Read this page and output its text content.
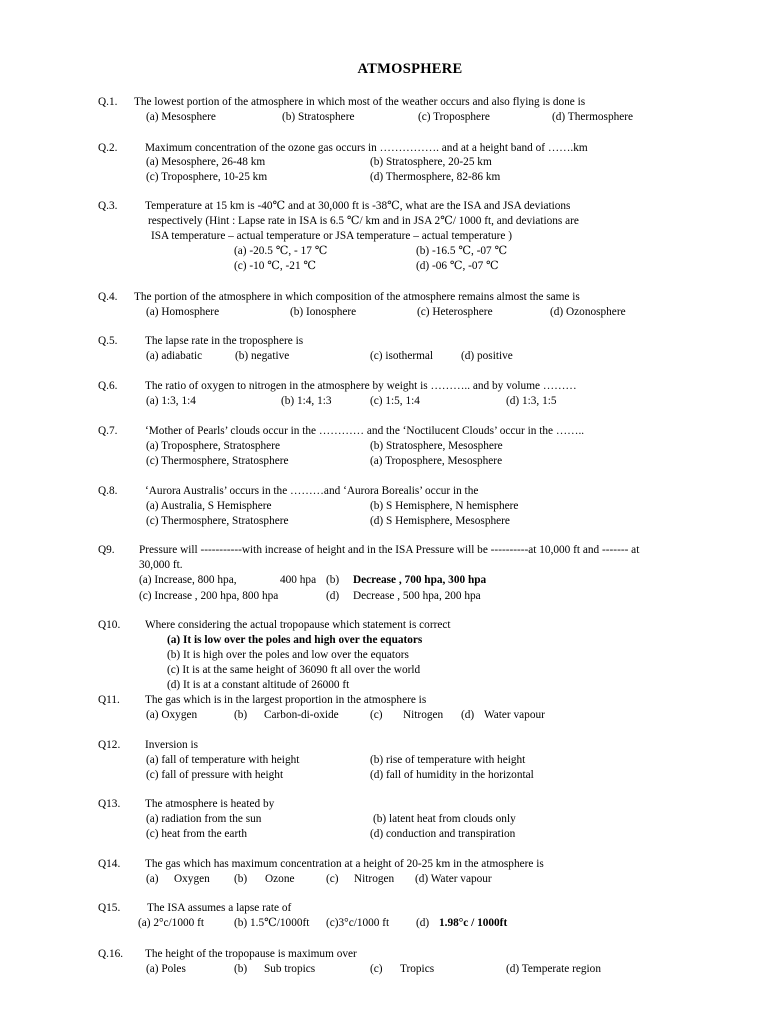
ATMOSPHERE
Q.1. The lowest portion of the atmosphere in which most of the weather occurs and also flying is done is
(a) Mesosphere	(b) Stratosphere	(c) Troposphere	(d) Thermosphere
Q.2. Maximum concentration of the ozone gas occurs in ……………. and at a height band of …….km
(a) Mesosphere, 26-48 km	(b) Stratosphere, 20-25 km
(c) Troposphere, 10-25 km	(d) Thermosphere, 82-86 km
Q.3. Temperature at 15 km is -40℃ and at 30,000 ft is -38℃, what are the ISA and JSA deviations
respectively (Hint : Lapse rate in ISA is 6.5 ℃/ km and in JSA 2℃/ 1000 ft, and deviations are
ISA temperature – actual temperature or JSA temperature – actual temperature )
(a) -20.5 ℃, - 17 ℃	(b) -16.5 ℃, -07 ℃
(c) -10 ℃, -21 ℃	(d) -06 ℃, -07 ℃
Q.4. The portion of the atmosphere in which composition of the atmosphere remains almost the same is
(a) Homosphere	(b) Ionosphere	(c) Heterosphere	(d) Ozonosphere
Q.5. The lapse rate in the troposphere is
(a) adiabatic	(b) negative	(c) isothermal (d) positive
Q.6. The ratio of oxygen to nitrogen in the atmosphere by weight is ……….. and by volume ………
(a) 1:3, 1:4	(b) 1:4, 1:3	(c) 1:5, 1:4	(d) 1:3, 1:5
Q.7. ‘Mother of Pearls’ clouds occur in the ………… and the ‘Noctilucent Clouds’ occur in the ……..
(a) Troposphere, Stratosphere	(b) Stratosphere, Mesosphere
(c) Thermosphere, Stratosphere	(a) Troposphere, Mesosphere
Q.8. ‘Aurora Australis’ occurs in the ………and ‘Aurora Borealis’ occur in the
(a) Australia, S Hemisphere	(b) S Hemisphere, N hemisphere
(c) Thermosphere, Stratosphere	(d) S Hemisphere, Mesosphere
Q9. Pressure will -----------with increase of height and in the ISA Pressure will be ----------at 10,000 ft and ------- at
30,000 ft.
(a) Increase, 800 hpa,	400 hpa (b) Decrease , 700 hpa, 300 hpa
(c) Increase , 200 hpa, 800 hpa	(d) Decrease , 500 hpa, 200 hpa
Q10. Where considering the actual tropopause which statement is correct
(a) It is low over the poles and high over the equators
(b) It is high over the poles and low over the equators
(c) It is at the same height of 36090 ft all over the world
(d) It is at a constant altitude of 26000 ft
Q11. The gas which is in the largest proportion in the atmosphere is
(a) Oxygen	(b) Carbon-di-oxide	(c) Nitrogen (d) Water vapour
Q12. Inversion is
(a) fall of temperature with height	(b) rise of temperature with height
(c) fall of pressure with height	(d) fall of humidity in the horizontal
Q13. The atmosphere is heated by
(a) radiation from the sun	(b) latent heat from clouds only
(c) heat from the earth	(d) conduction and transpiration
Q14. The gas which has maximum concentration at a height of 20-25 km in the atmosphere is
(a) Oxygen (b) Ozone	(c) Nitrogen (d) Water vapour
Q15. The ISA assumes a lapse rate of
(a) 2°c/1000 ft	(b) 1.5℃/1000ft (c)3°c/1000 ft (d) 1.98°c / 1000ft
Q.16. The height of the tropopause is maximum over
(a) Poles	(b) Sub tropics	(c) Tropics	(d) Temperate region
